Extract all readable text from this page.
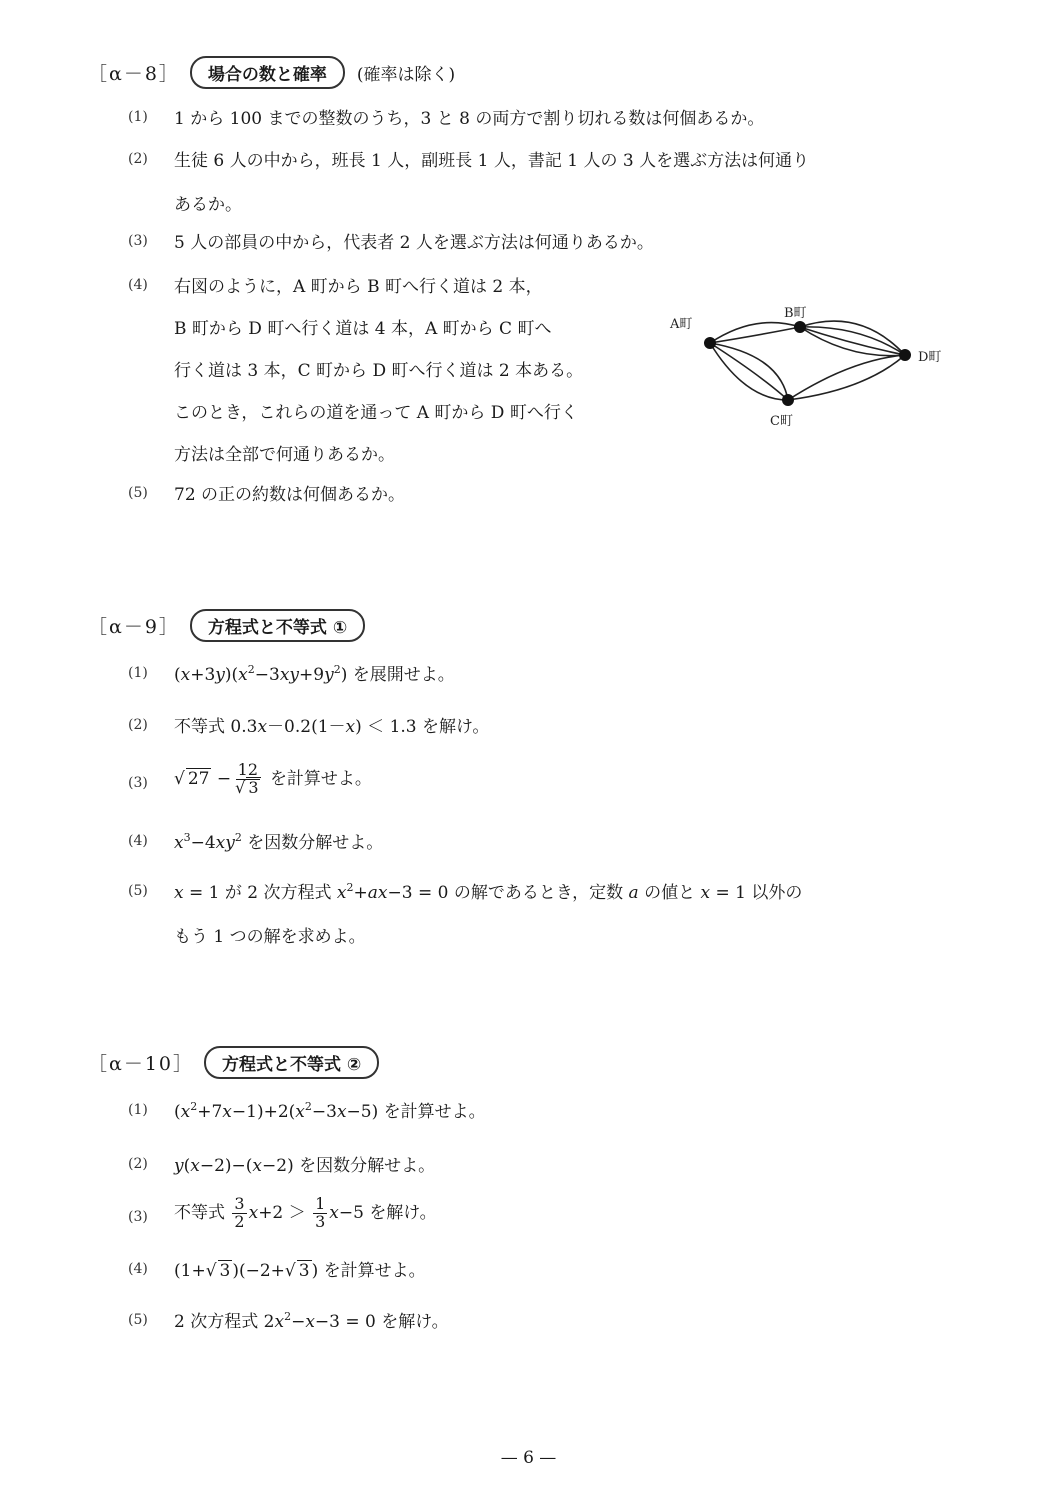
［α－8］	場合の数と確率	(確率は除く)
(1) 1 から 100 までの整数のうち，3 と 8 の両方で割り切れる数は何個あるか。
(2) 生徒 6 人の中から，班長 1 人，副班長 1 人，書記 1 人の 3 人を選ぶ方法は何通り
あるか。
(3) 5 人の部員の中から，代表者 2 人を選ぶ方法は何通りあるか。
(4) 右図のように，A 町から B 町へ行く道は 2 本，
B 町から D 町へ行く道は 4 本，A 町から C 町へ
行く道は 3 本，C 町から D 町へ行く道は 2 本ある。
このとき，これらの道を通って A 町から D 町へ行く
方法は全部で何通りあるか。
A町
B町
C町
D町
(5) 72 の正の約数は何個あるか。
［α－9］	方程式と不等式 ①
(1) $(x+3y)(x^2-3xy+9y^2)$ を展開せよ。
(2) 不等式 0.3x－0.2(1－x) ＜ 1.3 を解け。
(3) √ $27 - \frac{12}{√ 3}$ を計算せよ。
(4) $x^3-4xy^2$ を因数分解せよ。
(5) x = 1 が 2 次方程式 $x^2+ax-3 = 0$ の解であるとき，定数 a の値と x = 1 以外の
もう 1 つの解を求めよ。
［α－10］	方程式と不等式 ②
(1) $(x^2+7x-1)+2(x^2-3x-5)$ を計算せよ。
(2) y(x−2)−(x−2) を因数分解せよ。
(3) 不等式 $\frac{3}{2} x+2 > \frac{1}{3} x-5$ を解け。
(4) (1+√ 3 )(−2+√ 3 ) を計算せよ。
(5) 2 次方程式 $2x^2-x-3 = 0$ を解け。
— 6 —
